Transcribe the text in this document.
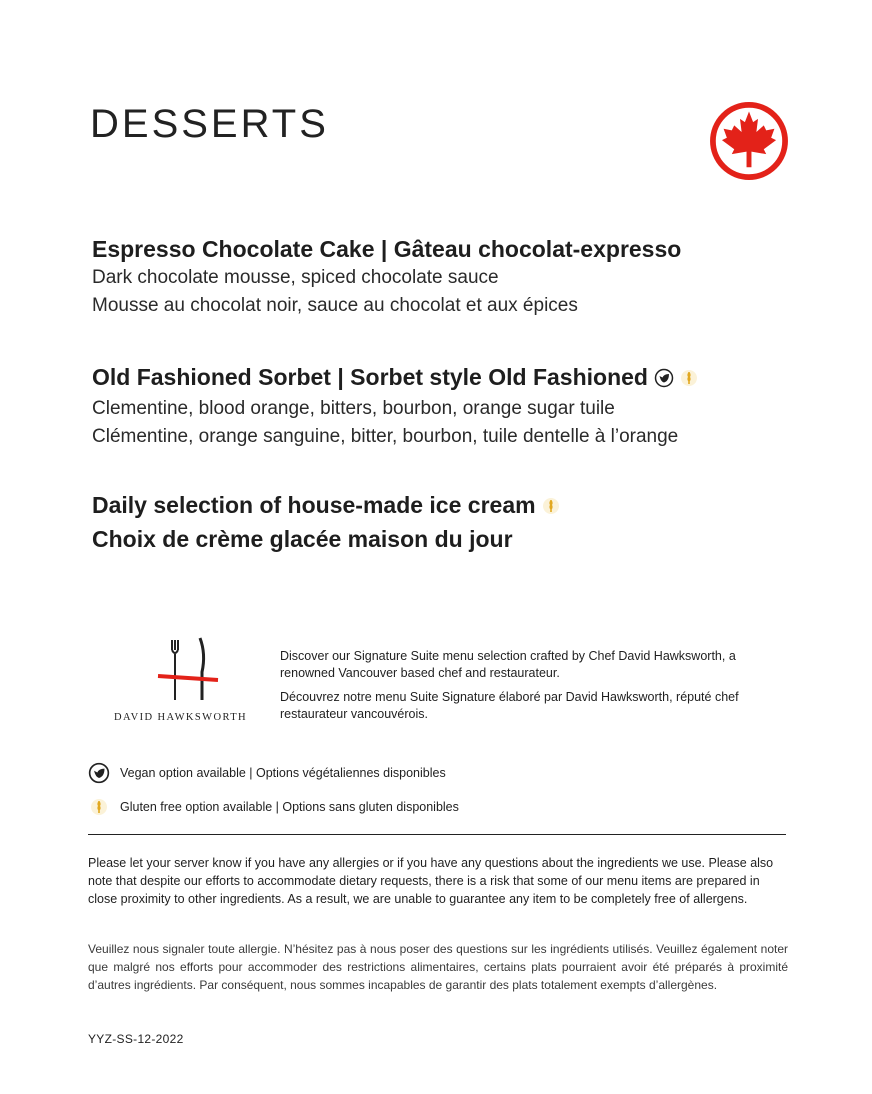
DESSERTS
Espresso Chocolate Cake | Gâteau chocolat-expresso
Dark chocolate mousse, spiced chocolate sauce
Mousse au chocolat noir, sauce au chocolat et aux épices
Old Fashioned Sorbet | Sorbet style Old Fashioned
Clementine, blood orange, bitters, bourbon, orange sugar tuile
Clémentine, orange sanguine, bitter, bourbon, tuile dentelle à l’orange
Daily selection of house-made ice cream
Choix de crème glacée maison du jour
DAVID HAWKSWORTH

Discover our Signature Suite menu selection crafted by Chef David Hawksworth, a renowned Vancouver based chef and restaurateur.

Découvrez notre menu Suite Signature élaboré par David Hawksworth, réputé chef restaurateur vancouvérois.

Vegan option available | Options végétaliennes disponibles
Gluten free option available | Options sans gluten disponibles
Please let your server know if you have any allergies or if you have any questions about the ingredients we use. Please also note that despite our efforts to accommodate dietary requests, there is a risk that some of our menu items are prepared in close proximity to other ingredients. As a result, we are unable to guarantee any item to be completely free of allergens.
Veuillez nous signaler toute allergie. N’hésitez pas à nous poser des questions sur les ingrédients utilisés. Veuillez également noter que malgré nos efforts pour accommoder des restrictions alimentaires, certains plats pourraient avoir été préparés à proximité d’autres ingrédients. Par conséquent, nous sommes incapables de garantir des plats totalement exempts d’allergènes.
YYZ-SS-12-2022
